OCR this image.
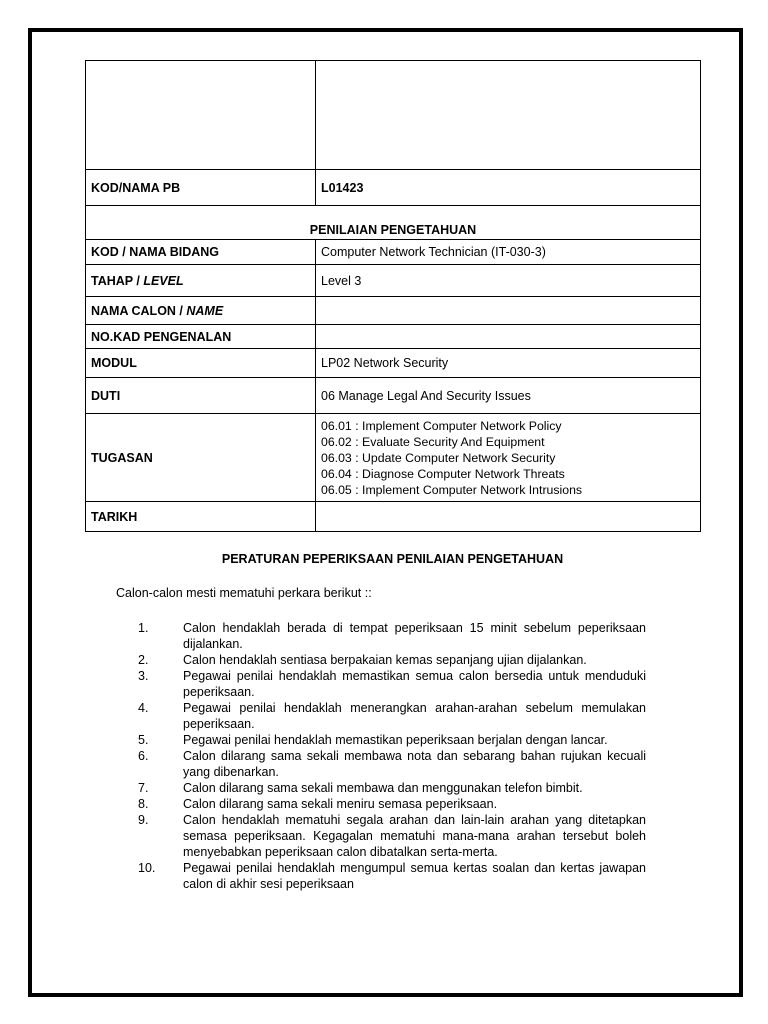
KOD/NAMA PB	L01423
PENILAIAN PENGETAHUAN	
KOD / NAMA BIDANG	Computer Network Technician (IT-030-3)
TAHAP / LEVEL	Level 3
NAMA CALON / NAME	
NO.KAD PENGENALAN	
MODUL	LP02 Network Security
DUTI	06 Manage Legal And Security Issues
TUGASAN	06.01 : Implement Computer Network Policy
06.02 : Evaluate Security And Equipment
06.03 : Update Computer Network Security
06.04 : Diagnose Computer Network Threats
06.05 : Implement Computer Network Intrusions

TARIKH	
PERATURAN PEPERIKSAAN PENILAIAN PENGETAHUAN
Calon-calon mesti mematuhi perkara berikut ::
1.	Calon hendaklah berada di tempat peperiksaan 15 minit sebelum peperiksaan dijalankan.
2.	Calon hendaklah sentiasa berpakaian kemas sepanjang ujian dijalankan.
3.	Pegawai penilai hendaklah memastikan semua calon bersedia untuk menduduki peperiksaan.
4.	Pegawai penilai hendaklah menerangkan arahan-arahan sebelum memulakan peperiksaan.
5.	Pegawai penilai hendaklah memastikan peperiksaan berjalan dengan lancar.
6.	Calon dilarang sama sekali membawa nota dan sebarang bahan rujukan kecuali yang dibenarkan.
7.	Calon dilarang sama sekali membawa dan menggunakan telefon bimbit.
8.	Calon dilarang sama sekali meniru semasa peperiksaan.
9.	Calon hendaklah mematuhi segala arahan dan lain-lain arahan yang ditetapkan semasa peperiksaan. Kegagalan mematuhi mana-mana arahan tersebut boleh menyebabkan peperiksaan calon dibatalkan serta-merta.
10.	Pegawai penilai hendaklah mengumpul semua kertas soalan dan kertas jawapan calon di akhir sesi peperiksaan
